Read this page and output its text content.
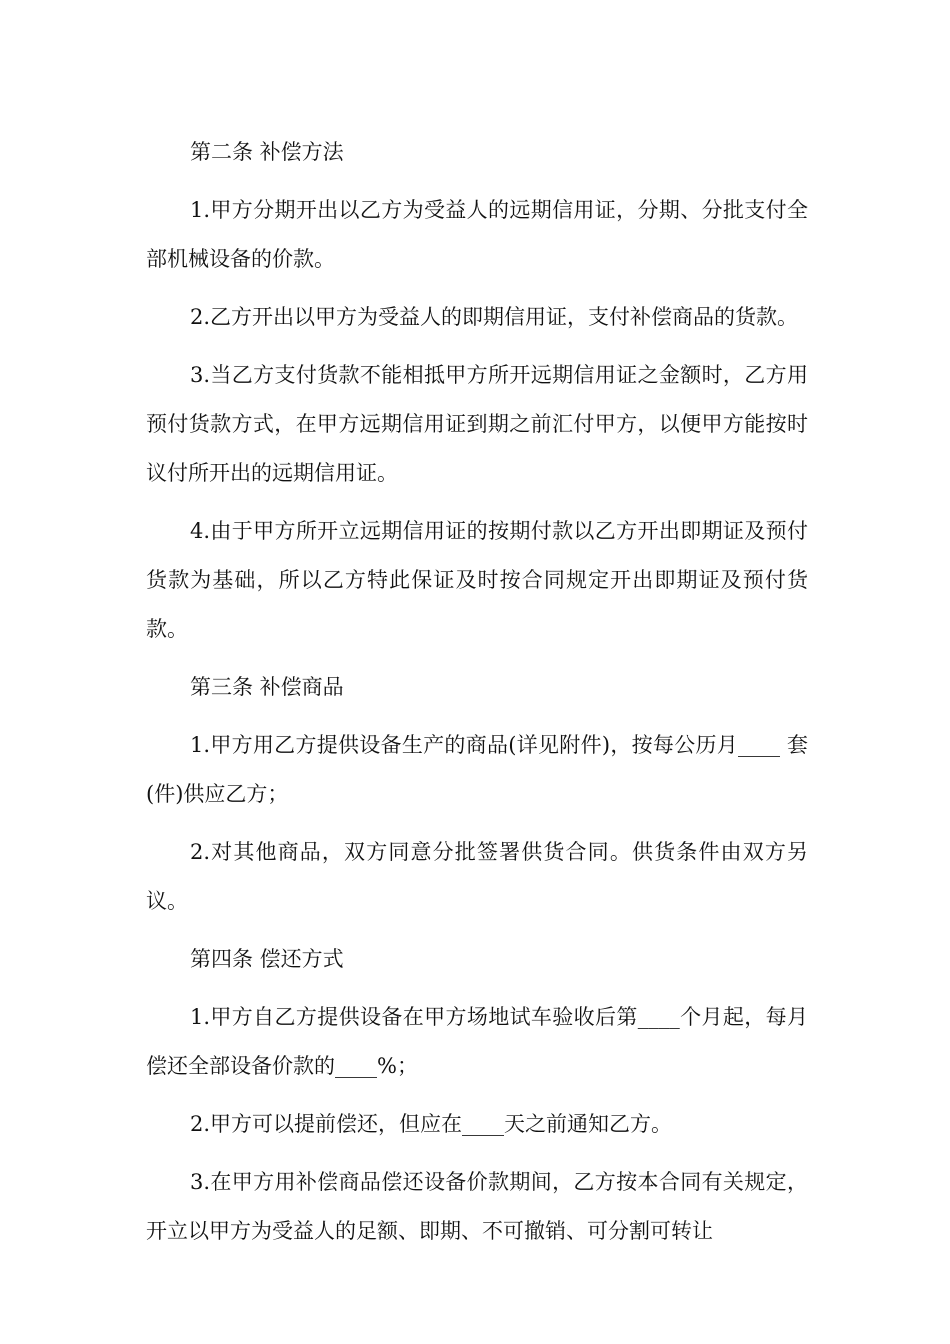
第二条 补偿方法

1.甲方分期开出以乙方为受益人的远期信用证，分期、分批支付全部机械设备的价款。

2.乙方开出以甲方为受益人的即期信用证，支付补偿商品的货款。

3.当乙方支付货款不能相抵甲方所开远期信用证之金额时，乙方用预付货款方式，在甲方远期信用证到期之前汇付甲方，以便甲方能按时议付所开出的远期信用证。

4.由于甲方所开立远期信用证的按期付款以乙方开出即期证及预付货款为基础，所以乙方特此保证及时按合同规定开出即期证及预付货款。

第三条 补偿商品

1.甲方用乙方提供设备生产的商品(详见附件)，按每公历月____ 套(件)供应乙方；

2.对其他商品，双方同意分批签署供货合同。供货条件由双方另议。

第四条 偿还方式

1.甲方自乙方提供设备在甲方场地试车验收后第____个月起，每月偿还全部设备价款的____%；

2.甲方可以提前偿还，但应在____天之前通知乙方。

3.在甲方用补偿商品偿还设备价款期间，乙方按本合同有关规定，开立以甲方为受益人的足额、即期、不可撤销、可分割可转让
